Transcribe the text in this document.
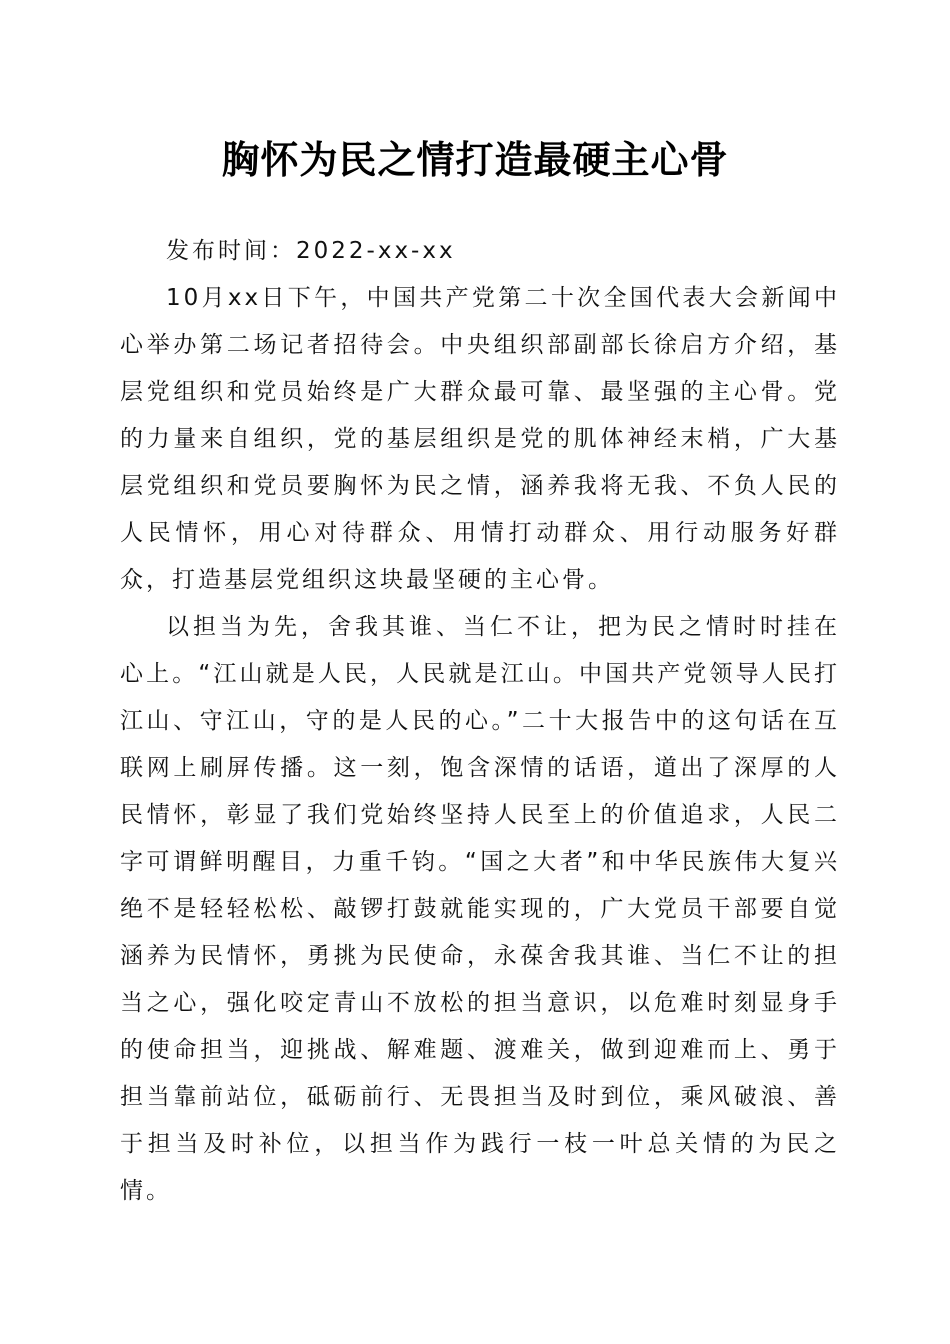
胸怀为民之情打造最硬主心骨

发布时间：2022-xx-xx

10月xx日下午，中国共产党第二十次全国代表大会新闻中心举办第二场记者招待会。中央组织部副部长徐启方介绍，基层党组织和党员始终是广大群众最可靠、最坚强的主心骨。党的力量来自组织，党的基层组织是党的肌体神经末梢，广大基层党组织和党员要胸怀为民之情，涵养我将无我、不负人民的人民情怀，用心对待群众、用情打动群众、用行动服务好群众，打造基层党组织这块最坚硬的主心骨。

以担当为先，舍我其谁、当仁不让，把为民之情时时挂在心上。“江山就是人民，人民就是江山。中国共产党领导人民打江山、守江山，守的是人民的心。”二十大报告中的这句话在互联网上刷屏传播。这一刻，饱含深情的话语，道出了深厚的人民情怀，彰显了我们党始终坚持人民至上的价值追求，人民二字可谓鲜明醒目，力重千钧。“国之大者”和中华民族伟大复兴绝不是轻轻松松、敲锣打鼓就能实现的，广大党员干部要自觉涵养为民情怀，勇挑为民使命，永葆舍我其谁、当仁不让的担当之心，强化咬定青山不放松的担当意识，以危难时刻显身手的使命担当，迎挑战、解难题、渡难关，做到迎难而上、勇于担当靠前站位，砥砺前行、无畏担当及时到位，乘风破浪、善于担当及时补位，以担当作为践行一枝一叶总关情的为民之情。
